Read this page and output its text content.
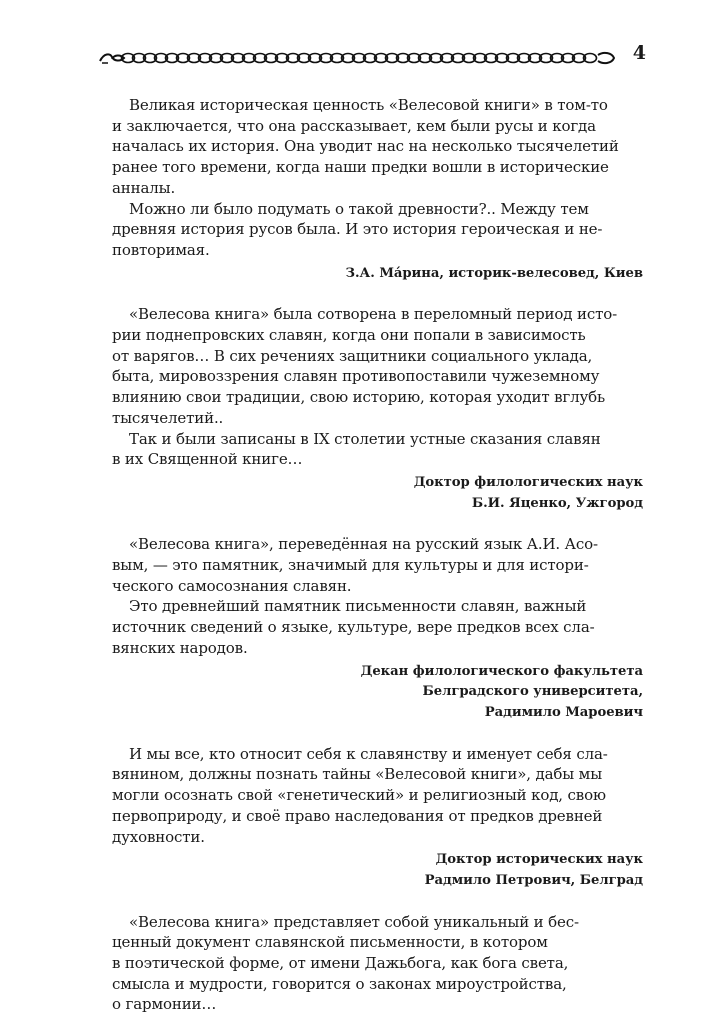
4

Великая историческая ценность «Велесовой книги» в том-то
и заключается, что она рассказывает, кем были русы и когда
началась их история. Она уводит нас на несколько тысячелетий
ранее того времени, когда наши предки вошли в исторические
анналы.

Можно ли было подумать о такой древности?.. Между тем
древняя история русов была. И это история героическая и не-
повторимая.

З.А. Ма́рина, историк-велесовед, Киев

«Велесова книга» была сотворена в переломный период исто-
рии поднепровских славян, когда они попали в зависимость
от варягов… В сих речениях защитники социального уклада,
быта, мировоззрения славян противопоставили чужеземному
влиянию свои традиции, свою историю, которая уходит вглубь
тысячелетий..

Так и были записаны в IX столетии устные сказания славян
в их Священной книге…

Доктор филологических наук

Б.И. Яценко, Ужгород

«Велесова книга», переведённая на русский язык А.И. Асо-
вым, — это памятник, значимый для культуры и для истори-
ческого самосознания славян.

Это древнейший памятник письменности славян, важный
источник сведений о языке, культуре, вере предков всех сла-
вянских народов.

Декан филологического факультета

Белградского университета,

Радимило Мароевич

И мы все, кто относит себя к славянству и именует себя сла-
вянином, должны познать тайны «Велесовой книги», дабы мы
могли осознать свой «генетический» и религиозный код, свою
первоприроду, и своё право наследования от предков древней
духовности.

Доктор исторических наук

Радмило Петрович, Белград

«Велесова книга» представляет собой уникальный и бес-
ценный документ славянской письменности, в котором
в поэтической форме, от имени Дажьбога, как бога света,
смысла и мудрости, говорится о законах мироустройства,
о гармонии…
